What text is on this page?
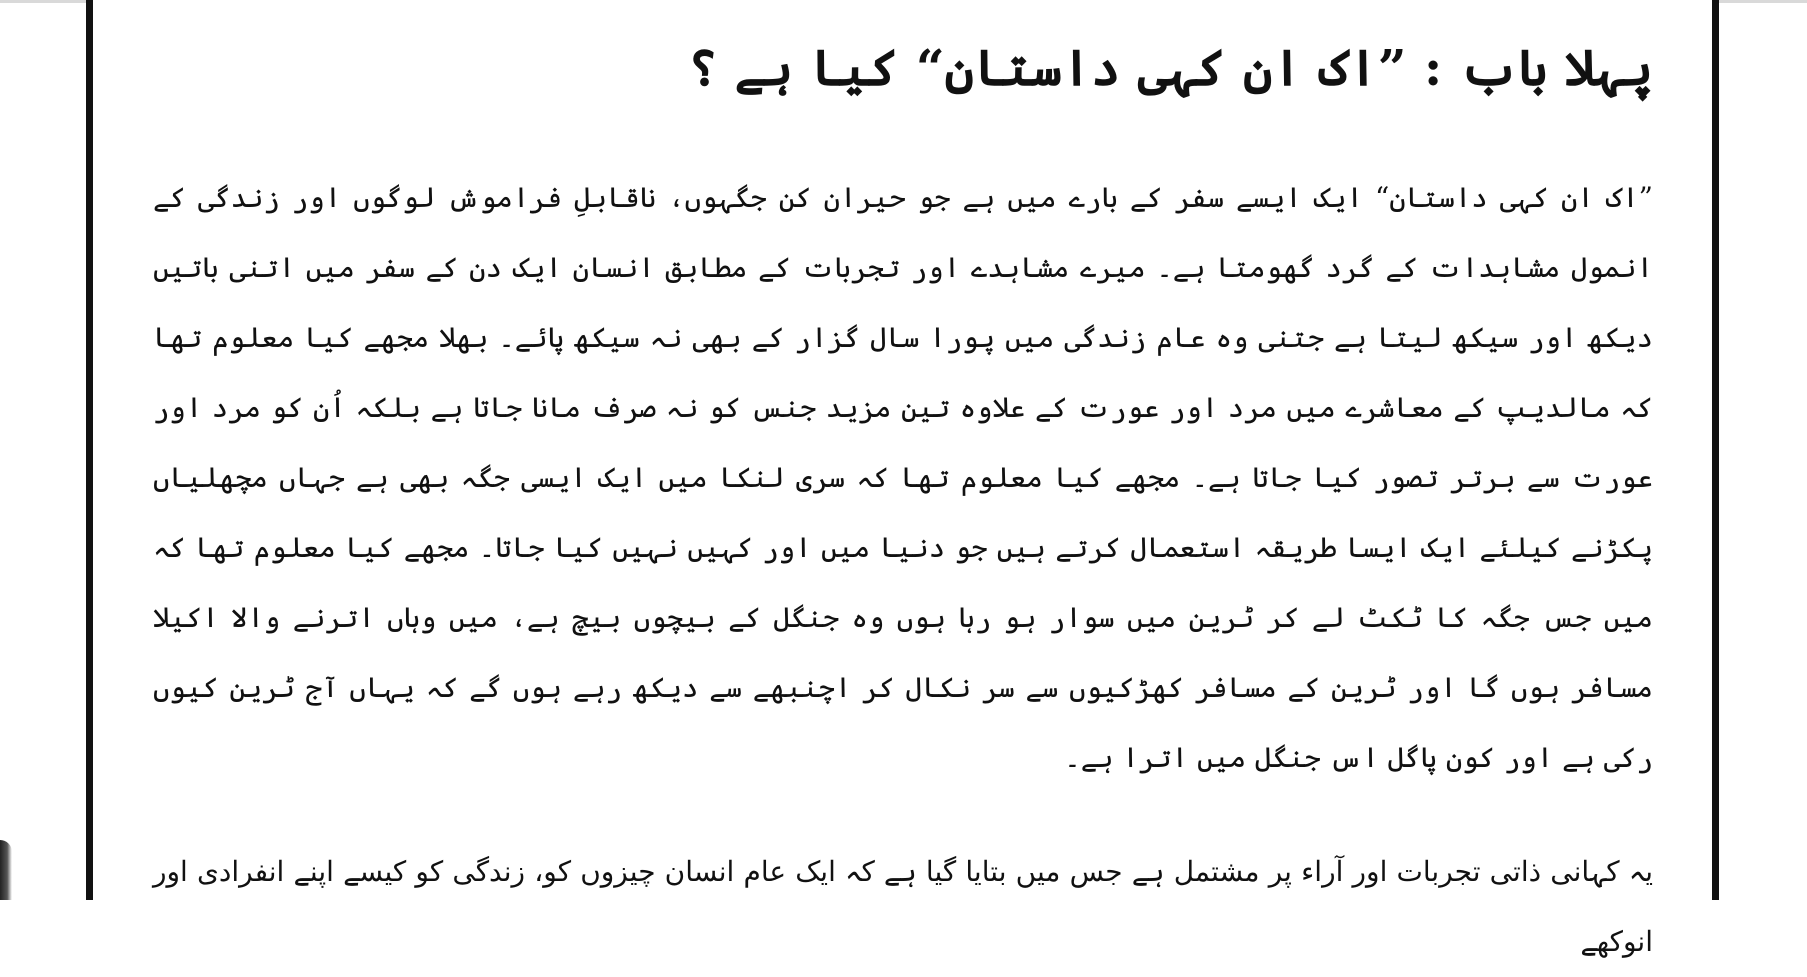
پہلا باب : ”اک ان کہی داستان“ کیا ہے ؟

”اک ان کہی داستان“ ایک ایسے سفر کے بارے میں ہے جو حیران کن جگہوں، ناقابلِ فراموش لوگوں اور زندگی کے انمول مشاہدات کے گرد گھومتا ہے۔ میرے مشاہدے اور تجربات کے مطابق انسان ایک دن کے سفر میں اتنی باتیں دیکھ اور سیکھ لیتا ہے جتنی وہ عام زندگی میں پورا سال گزار کے بھی نہ سیکھ پائے۔ بھلا مجھے کیا معلوم تھا کہ مالدیپ کے معاشرے میں مرد اور عورت کے علاوہ تین مزید جنس کو نہ صرف مانا جاتا ہے بلکہ اُن کو مرد اور عورت سے برتر تصور کیا جاتا ہے۔ مجھے کیا معلوم تھا کہ سری لنکا میں ایک ایسی جگہ بھی ہے جہاں مچھلیاں پکڑنے کیلئے ایک ایسا طریقہ استعمال کرتے ہیں جو دنیا میں اور کہیں نہیں کیا جاتا۔ مجھے کیا معلوم تھا کہ میں جس جگہ کا ٹکٹ لے کر ٹرین میں سوار ہو رہا ہوں وہ جنگل کے بیچوں بیچ ہے، میں وہاں اترنے والا اکیلا مسافر ہوں گا اور ٹرین کے مسافر کھڑکیوں سے سر نکال کر اچنبھے سے دیکھ رہے ہوں گے کہ یہاں آج ٹرین کیوں رکی ہے اور کون پاگل اس جنگل میں اترا ہے۔

یہ کہانی ذاتی تجربات اور آراء پر مشتمل ہے جس میں بتایا گیا ہے کہ ایک عام انسان چیزوں کو، زندگی کو کیسے اپنے انفرادی اور انوکھے
